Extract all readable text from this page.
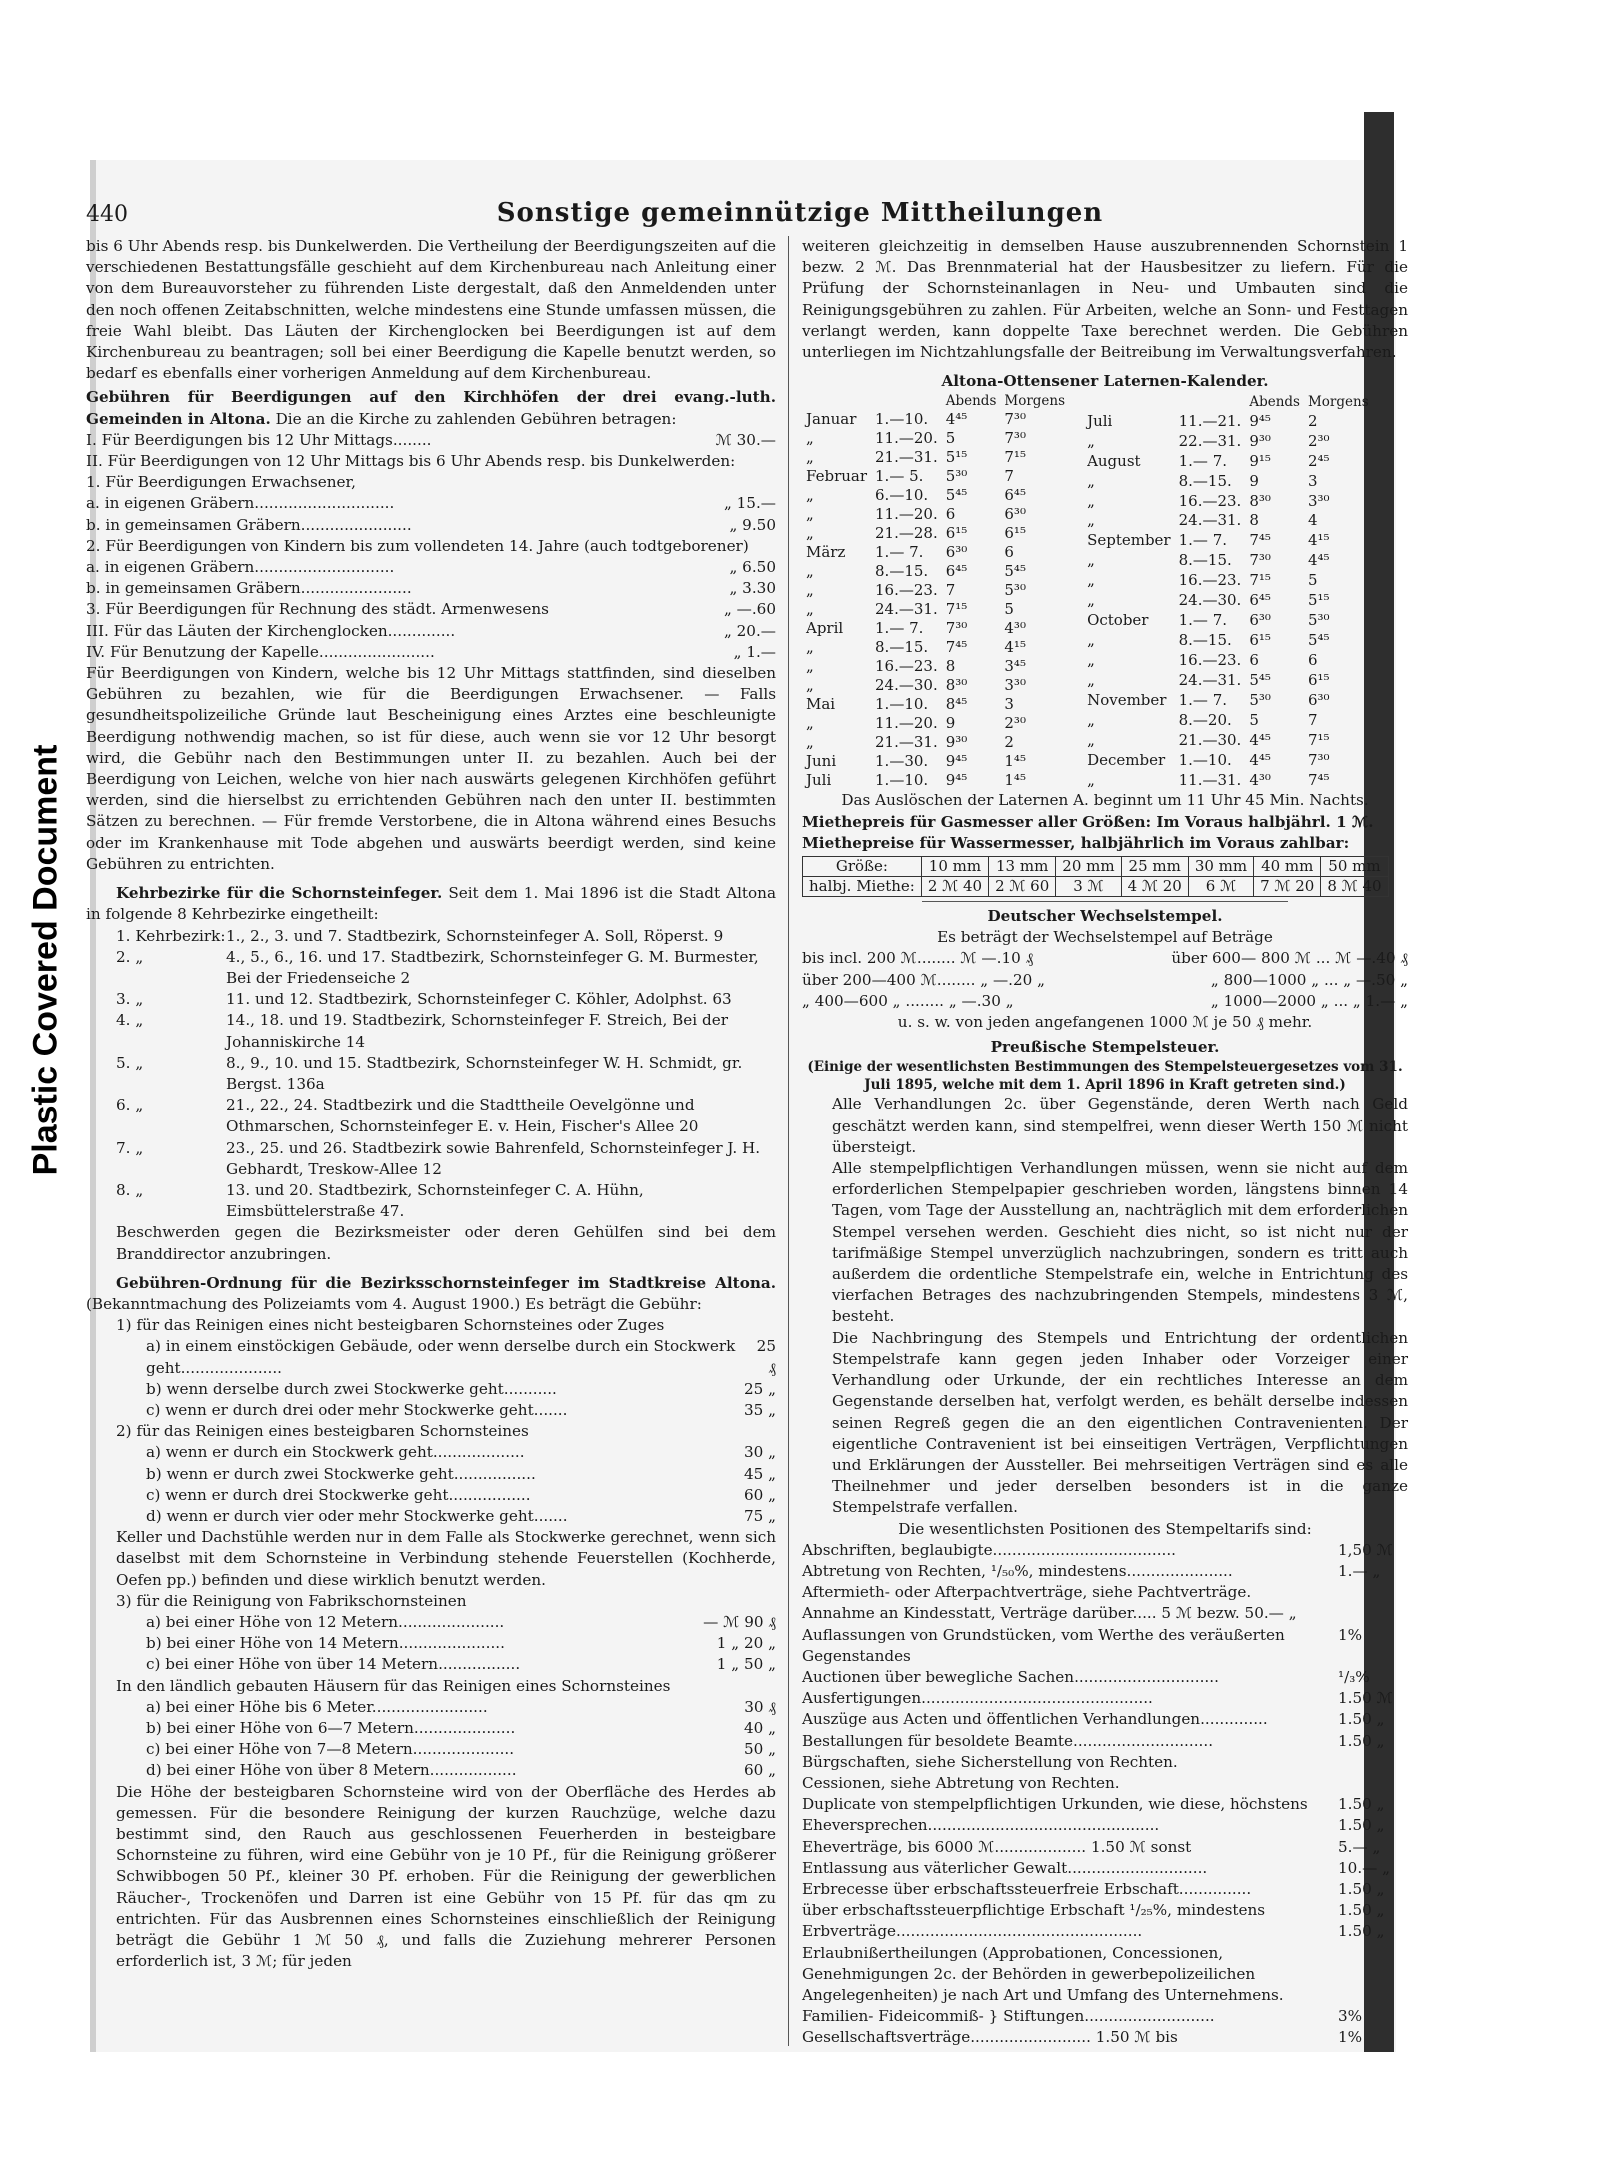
Plastic Covered Document
440	Sonstige gemeinnützige Mittheilungen

bis 6 Uhr Abends resp. bis Dunkelwerden. Die Vertheilung der Beerdigungszeiten auf die verschiedenen Bestattungsfälle geschieht auf dem Kirchenbureau nach Anleitung einer von dem Bureauvorsteher zu führenden Liste dergestalt, daß den Anmeldenden unter den noch offenen Zeitabschnitten, welche mindestens eine Stunde umfassen müssen, die freie Wahl bleibt. Das Läuten der Kirchenglocken bei Beerdigungen ist auf dem Kirchenbureau zu beantragen; soll bei einer Beerdigung die Kapelle benutzt werden, so bedarf es ebenfalls einer vorherigen Anmeldung auf dem Kirchenbureau.

Gebühren für Beerdigungen auf den Kirchhöfen der drei evang.-luth. Gemeinden in Altona. Die an die Kirche zu zahlenden Gebühren betragen:

I. Für Beerdigungen bis 12 Uhr Mittags........	ℳ 30.—
II. Für Beerdigungen von 12 Uhr Mittags bis 6 Uhr Abends resp. bis Dunkelwerden:
1. Für Beerdigungen Erwachsener,
a. in eigenen Gräbern.............................	„ 15.—
b. in gemeinsamen Gräbern.......................	„ 9.50
2. Für Beerdigungen von Kindern bis zum vollendeten 14. Jahre (auch todtgeborener)
a. in eigenen Gräbern.............................	„ 6.50
b. in gemeinsamen Gräbern.......................	„ 3.30
3. Für Beerdigungen für Rechnung des städt. Armenwesens	„ —.60
III. Für das Läuten der Kirchenglocken..............	„ 20.—
IV. Für Benutzung der Kapelle........................	„ 1.—

Für Beerdigungen von Kindern, welche bis 12 Uhr Mittags stattfinden, sind dieselben Gebühren zu bezahlen, wie für die Beerdigungen Erwachsener. — Falls gesundheitspolizeiliche Gründe laut Bescheinigung eines Arztes eine beschleunigte Beerdigung nothwendig machen, so ist für diese, auch wenn sie vor 12 Uhr besorgt wird, die Gebühr nach den Bestimmungen unter II. zu bezahlen. Auch bei der Beerdigung von Leichen, welche von hier nach auswärts gelegenen Kirchhöfen geführt werden, sind die hierselbst zu errichtenden Gebühren nach den unter II. bestimmten Sätzen zu berechnen. — Für fremde Verstorbene, die in Altona während eines Besuchs oder im Krankenhause mit Tode abgehen und auswärts beerdigt werden, sind keine Gebühren zu entrichten.

Kehrbezirke für die Schornsteinfeger. Seit dem 1. Mai 1896 ist die Stadt Altona in folgende 8 Kehrbezirke eingetheilt:

1. Kehrbezirk: 1., 2., 3. und 7. Stadtbezirk, Schornsteinfeger A. Soll, Röperst. 9
2. „	4., 5., 6., 16. und 17. Stadtbezirk, Schornsteinfeger G. M. Burmester, Bei der Friedenseiche 2
3. „	11. und 12. Stadtbezirk, Schornsteinfeger C. Köhler, Adolphst. 63
4. „	14., 18. und 19. Stadtbezirk, Schornsteinfeger F. Streich, Bei der Johanniskirche 14
5. „	8., 9., 10. und 15. Stadtbezirk, Schornsteinfeger W. H. Schmidt, gr. Bergst. 136a
6. „	21., 22., 24. Stadtbezirk und die Stadttheile Oevelgönne und Othmarschen, Schornsteinfeger E. v. Hein, Fischer's Allee 20
7. „	23., 25. und 26. Stadtbezirk sowie Bahrenfeld, Schornsteinfeger J. H. Gebhardt, Treskow-Allee 12
8. „	13. und 20. Stadtbezirk, Schornsteinfeger C. A. Hühn, Eimsbüttelerstraße 47.

Beschwerden gegen die Bezirksmeister oder deren Gehülfen sind bei dem Branddirector anzubringen.

Gebühren-Ordnung für die Bezirksschornsteinfeger im Stadtkreise Altona. (Bekanntmachung des Polizeiamts vom 4. August 1900.) Es beträgt die Gebühr:

1) für das Reinigen eines nicht besteigbaren Schornsteines oder Zuges
a) in einem einstöckigen Gebäude, oder wenn derselbe durch ein Stockwerk geht.....................
25 ₰
b) wenn derselbe durch zwei Stockwerke geht...........	25 „
c) wenn er durch drei oder mehr Stockwerke geht.......	35 „
2) für das Reinigen eines besteigbaren Schornsteines
a) wenn er durch ein Stockwerk geht...................	30 „
b) wenn er durch zwei Stockwerke geht.................	45 „
c) wenn er durch drei Stockwerke geht.................	60 „
d) wenn er durch vier oder mehr Stockwerke geht.......	75 „

Keller und Dachstühle werden nur in dem Falle als Stockwerke gerechnet, wenn sich daselbst mit dem Schornsteine in Verbindung stehende Feuerstellen (Kochherde, Oefen pp.) befinden und diese wirklich benutzt werden.

3) für die Reinigung von Fabrikschornsteinen
a) bei einer Höhe von 12 Metern......................	— ℳ 90 ₰
b) bei einer Höhe von 14 Metern......................	1 „ 20 „
c) bei einer Höhe von über 14 Metern.................	1 „ 50 „
In den ländlich gebauten Häusern für das Reinigen eines Schornsteines
a) bei einer Höhe bis 6 Meter........................	30 ₰
b) bei einer Höhe von 6—7 Metern.....................	40 „
c) bei einer Höhe von 7—8 Metern.....................	50 „
d) bei einer Höhe von über 8 Metern..................	60 „

Die Höhe der besteigbaren Schornsteine wird von der Oberfläche des Herdes ab gemessen. Für die besondere Reinigung der kurzen Rauchzüge, welche dazu bestimmt sind, den Rauch aus geschlossenen Feuerherden in besteigbare Schornsteine zu führen, wird eine Gebühr von je 10 Pf., für die Reinigung größerer Schwibbogen 50 Pf., kleiner 30 Pf. erhoben. Für die Reinigung der gewerblichen Räucher-, Trockenöfen und Darren ist eine Gebühr von 15 Pf. für das qm zu entrichten. Für das Ausbrennen eines Schornsteines einschließlich der Reinigung beträgt die Gebühr 1 ℳ 50 ₰, und falls die Zuziehung mehrerer Personen erforderlich ist, 3 ℳ; für jeden

weiteren gleichzeitig in demselben Hause auszubrennenden Schornstein 1 bezw. 2 ℳ. Das Brennmaterial hat der Hausbesitzer zu liefern. Für die Prüfung der Schornsteinanlagen in Neu- und Umbauten sind die Reinigungsgebühren zu zahlen. Für Arbeiten, welche an Sonn- und Festtagen verlangt werden, kann doppelte Taxe berechnet werden. Die Gebühren unterliegen im Nichtzahlungsfalle der Beitreibung im Verwaltungsverfahren.

Altona-Ottensener Laternen-Kalender.
		Abends	Morgens
Januar	1.—10.	4⁴⁵	7³⁰
„	11.—20.	5	7³⁰
„	21.—31.	5¹⁵	7¹⁵
Februar	1.— 5.	5³⁰	7
„	6.—10.	5⁴⁵	6⁴⁵
„	11.—20.	6	6³⁰
„	21.—28.	6¹⁵	6¹⁵
März	1.— 7.	6³⁰	6
„	8.—15.	6⁴⁵	5⁴⁵
„	16.—23.	7	5³⁰
„	24.—31.	7¹⁵	5
April	1.— 7.	7³⁰	4³⁰
„	8.—15.	7⁴⁵	4¹⁵
„	16.—23.	8	3⁴⁵
„	24.—30.	8³⁰	3³⁰
Mai	1.—10.	8⁴⁵	3
„	11.—20.	9	2³⁰
„	21.—31.	9³⁰	2
Juni	1.—30.	9⁴⁵	1⁴⁵
Juli	1.—10.	9⁴⁵	1⁴⁵
		Abends	Morgens
Juli	11.—21.	9⁴⁵	2
„	22.—31.	9³⁰	2³⁰
August	1.— 7.	9¹⁵	2⁴⁵
„	8.—15.	9	3
„	16.—23.	8³⁰	3³⁰
„	24.—31.	8	4
September	1.— 7.	7⁴⁵	4¹⁵
„	8.—15.	7³⁰	4⁴⁵
„	16.—23.	7¹⁵	5
„	24.—30.	6⁴⁵	5¹⁵
October	1.— 7.	6³⁰	5³⁰
„	8.—15.	6¹⁵	5⁴⁵
„	16.—23.	6	6
„	24.—31.	5⁴⁵	6¹⁵
November	1.— 7.	5³⁰	6³⁰
„	8.—20.	5	7
„	21.—30.	4⁴⁵	7¹⁵
December	1.—10.	4⁴⁵	7³⁰
„	11.—31.	4³⁰	7⁴⁵

Das Auslöschen der Laternen A. beginnt um 11 Uhr 45 Min. Nachts.

Miethepreis für Gasmesser aller Größen: Im Voraus halbjährl. 1 ℳ.

Miethepreise für Wassermesser, halbjährlich im Voraus zahlbar:

Größe:	10 mm	13 mm	20 mm	25 mm	30 mm	40 mm	50 mm
halbj. Miethe:	2 ℳ 40	2 ℳ 60	3 ℳ	4 ℳ 20	6 ℳ	7 ℳ 20	8 ℳ 40
Deutscher Wechselstempel.

Es beträgt der Wechselstempel auf Beträge

bis incl. 200 ℳ........ ℳ —.10 ₰	über 600— 800 ℳ ... ℳ —.40 ₰
über 200—400 ℳ........ „ —.20 „	„ 800—1000 „ ... „ —.50 „
„ 400—600 „ ........ „ —.30 „	„ 1000—2000 „ ... „ 1.— „

u. s. w. von jeden angefangenen 1000 ℳ je 50 ₰ mehr.

Preußische Stempelsteuer.

(Einige der wesentlichsten Bestimmungen des Stempelsteuergesetzes vom 31. Juli 1895, welche mit dem 1. April 1896 in Kraft getreten sind.)

Alle Verhandlungen 2c. über Gegenstände, deren Werth nach Geld geschätzt werden kann, sind stempelfrei, wenn dieser Werth 150 ℳ nicht übersteigt.

Alle stempelpflichtigen Verhandlungen müssen, wenn sie nicht auf dem erforderlichen Stempelpapier geschrieben worden, längstens binnen 14 Tagen, vom Tage der Ausstellung an, nachträglich mit dem erforderlichen Stempel versehen werden. Geschieht dies nicht, so ist nicht nur der tarifmäßige Stempel unverzüglich nachzubringen, sondern es tritt auch außerdem die ordentliche Stempelstrafe ein, welche in Entrichtung des vierfachen Betrages des nachzubringenden Stempels, mindestens 3 ℳ, besteht.

Die Nachbringung des Stempels und Entrichtung der ordentlichen Stempelstrafe kann gegen jeden Inhaber oder Vorzeiger einer Verhandlung oder Urkunde, der ein rechtliches Interesse an dem Gegenstande derselben hat, verfolgt werden, es behält derselbe indessen seinen Regreß gegen die an den eigentlichen Contravenienten. Der eigentliche Contravenient ist bei einseitigen Verträgen, Verpflichtungen und Erklärungen der Aussteller. Bei mehrseitigen Verträgen sind es alle Theilnehmer und jeder derselben besonders ist in die ganze Stempelstrafe verfallen.

Die wesentlichsten Positionen des Stempeltarifs sind:

Abschriften, beglaubigte......................................	1,50 ℳ
Abtretung von Rechten, ¹/₅₀%, mindestens......................	1.— „
Aftermieth- oder Afterpachtverträge, siehe Pachtverträge.
Annahme an Kindesstatt, Verträge darüber..... 5 ℳ bezw. 50.— „
Auflassungen von Grundstücken, vom Werthe des veräußerten Gegenstandes
1%
Auctionen über bewegliche Sachen..............................	¹/₃%
Ausfertigungen................................................	1.50 ℳ
Auszüge aus Acten und öffentlichen Verhandlungen..............	1.50 „
Bestallungen für besoldete Beamte.............................	1.50 „
Bürgschaften, siehe Sicherstellung von Rechten.
Cessionen, siehe Abtretung von Rechten.
Duplicate von stempelpflichtigen Urkunden, wie diese, höchstens	1.50 „
Eheversprechen................................................	1.50 „
Eheverträge, bis 6000 ℳ................... 1.50 ℳ sonst	5.— „
Entlassung aus väterlicher Gewalt.............................	10.— „
Erbrecesse über erbschaftssteuerfreie Erbschaft...............	1.50 „
über erbschaftssteuerpflichtige Erbschaft ¹/₂₅%, mindestens	1.50 „
Erbverträge...................................................	1.50 „
Erlaubnißertheilungen (Approbationen, Concessionen, Genehmigungen 2c. der Behörden in gewerbepolizeilichen Angelegenheiten) je nach Art und Umfang des Unternehmens.
Familien- Fideicommiß- } Stiftungen...........................	3%
Gesellschaftsverträge......................... 1.50 ℳ bis	1%
